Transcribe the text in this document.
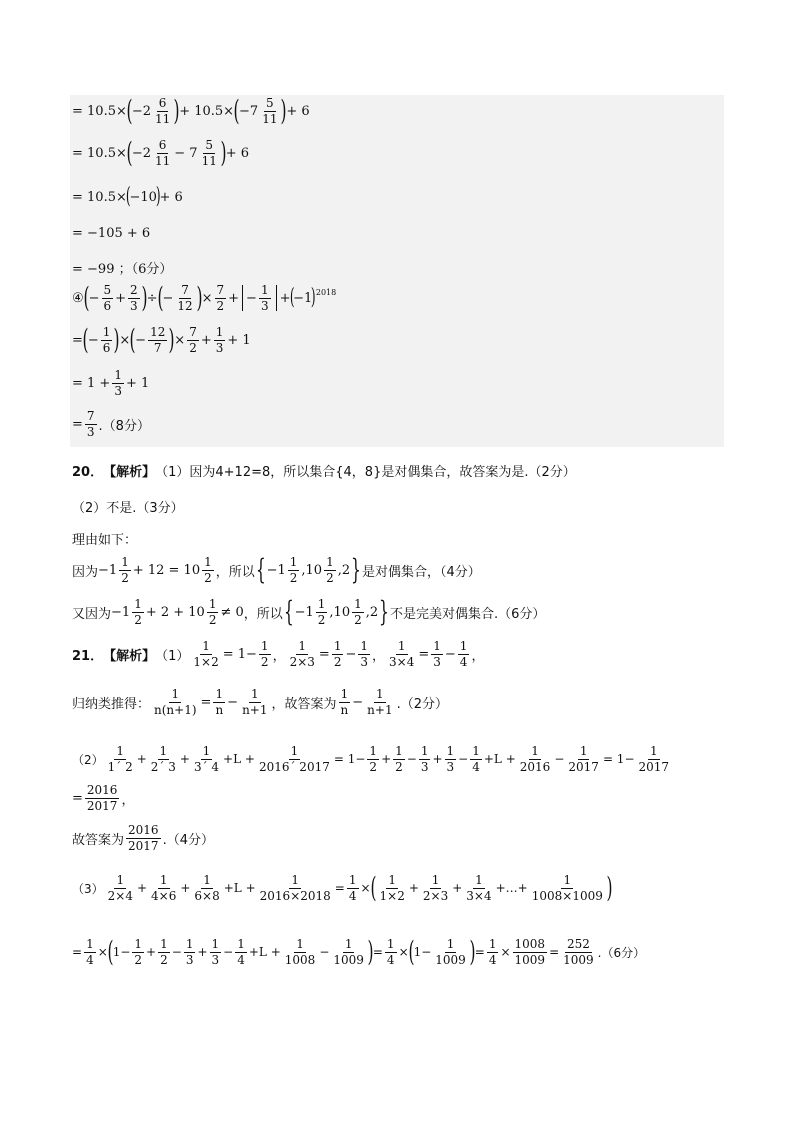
= 10.5× ( −2
6
11 ) + 10.5× ( −7
5
11 ) + 6
= 10.5× ( −2
6
11 − 7
5
11 ) + 6
= 10.5×
(
−10
)
+ 6
= −105 + 6
= −99 ；（6分）
④ ( − $\frac{5}{6} + \frac{2}{3}$ ) ÷ ( − $\frac{7}{12}$ ) × $\frac{7}{2}$ + − $\frac{1}{3}$ +
(
−1
)$^{2018}$
= ( − $\frac{1}{6}$ ) × ( − $\frac{12}{7}$ ) × $\frac{7}{2} + \frac{1}{3} + 1$
= $1 + \frac{1}{3} + 1$
= $\frac{7}{3} .(8$分）
20． 【解析】 （1）因为4+12=8，所以集合{4，8}是对偶集合，故答案为是.（2分）
（2）不是.（3分）
理由如下：
因为 −1
1
2 + 12 = 10
1
2 ，所以 { −1
1
2 ,10
1
2 ,2 } 是对偶集合，（4分）
又因为 −1
1
2 + 2 + 10
1
2 ≠ 0 ，所以 { −1
1
2 ,10
1
2 ,2 } 不是完美对偶集合.（6分）
21． 【解析】 $(1) \frac{1}{1\times 2} = 1- \frac{1}{2}$ ， $\frac{1}{2\times 3} = \frac{1}{2} - \frac{1}{3}$ ， $\frac{1}{3\times 4} = \frac{1}{3} - \frac{1}{4}$ ，
归纳类推得： $\frac{1}{n(n+1)} = \frac{1}{n} - \frac{1}{n+1}$ ，故答案为
1
$n - \frac{1}{n+1} .(2$分）
（2）
1
1´ 2
+ $\frac{1}{2´ 3} + \frac{1}{3´ 4} +L + \frac{1}{2016´ 2017} = 1- \frac{1}{2} + \frac{1}{2} - \frac{1}{3} + \frac{1}{3} - \frac{1}{4} +L + \frac{1}{2016} - \frac{1}{2017} = 1- \frac{1}{2017}$
= $\frac{2016}{2017}$ ，
故答案为
2016
2017 .（4分）
（3）
1
2×4
+ $\frac{1}{4\times 6} + \frac{1}{6\times 8} +L + \frac{1}{2016\times 2018} = \frac{1}{4}$ × ( 1
1×2
+ $\frac{1}{2\times 3} + \frac{1}{3\times 4}$ +…+ $\frac{1}{1008\times 1009}$ )
= $\frac{1}{4}$ × ( $1- \frac{1}{2} + \frac{1}{2} - \frac{1}{3} + \frac{1}{3} - \frac{1}{4} +L + \frac{1}{1008} - \frac{1}{1009}$ ) = $\frac{1}{4}$ × ( $1- \frac{1}{1009}$ ) = $\frac{1}{4} \times \frac{1008}{1009} = \frac{252}{1009} .(6$分）
